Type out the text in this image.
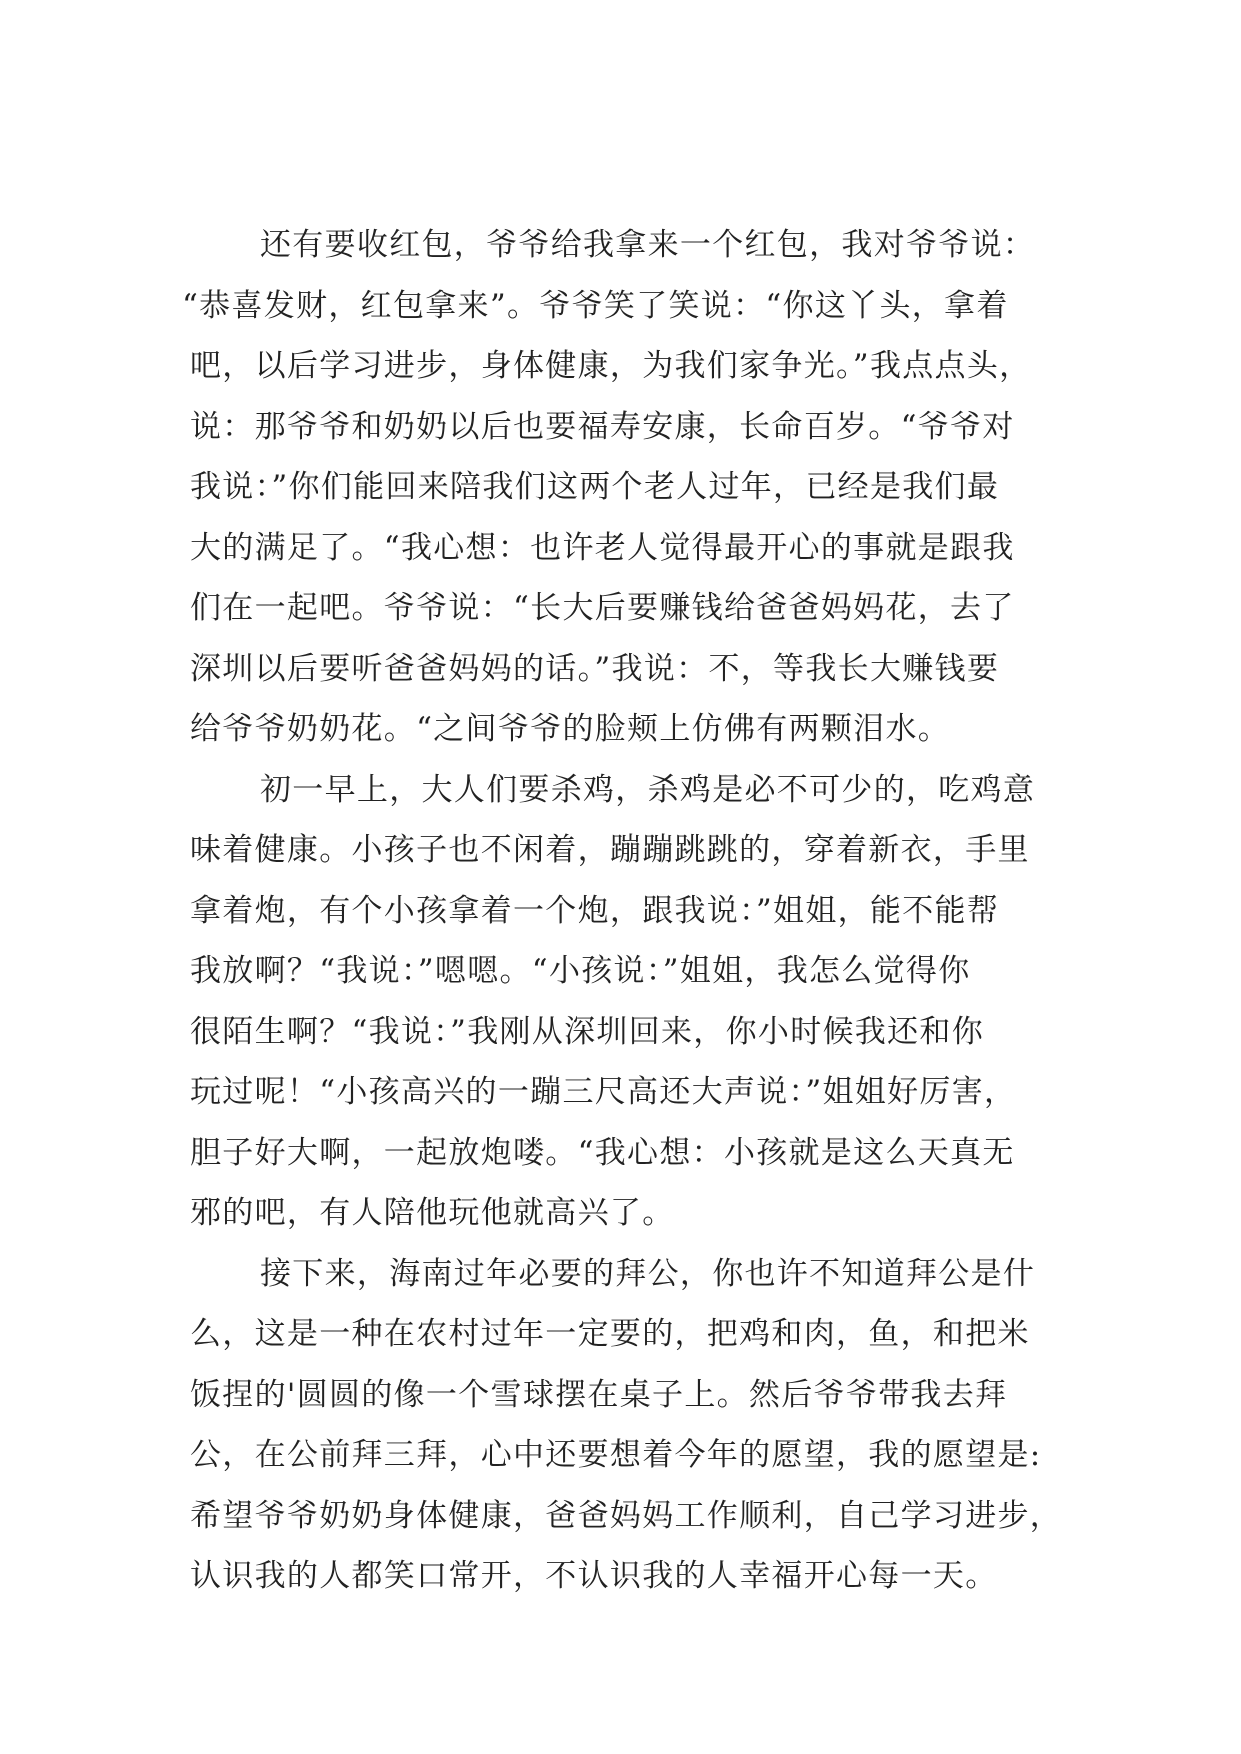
还有要收红包，爷爷给我拿来一个红包，我对爷爷说：
“恭喜发财，红包拿来”。爷爷笑了笑说：“你这丫头，拿着
吧，以后学习进步，身体健康，为我们家争光。”我点点头，
说：那爷爷和奶奶以后也要福寿安康，长命百岁。“爷爷对
我说：”你们能回来陪我们这两个老人过年，已经是我们最
大的满足了。“我心想：也许老人觉得最开心的事就是跟我
们在一起吧。爷爷说：“长大后要赚钱给爸爸妈妈花，去了
深圳以后要听爸爸妈妈的话。”我说：不，等我长大赚钱要
给爷爷奶奶花。“之间爷爷的脸颊上仿佛有两颗泪水。
初一早上，大人们要杀鸡，杀鸡是必不可少的，吃鸡意
味着健康。小孩子也不闲着，蹦蹦跳跳的，穿着新衣，手里
拿着炮，有个小孩拿着一个炮，跟我说：”姐姐，能不能帮
我放啊？“我说：”嗯嗯。“小孩说：”姐姐，我怎么觉得你
很陌生啊？“我说：”我刚从深圳回来，你小时候我还和你
玩过呢！“小孩高兴的一蹦三尺高还大声说：”姐姐好厉害，
胆子好大啊，一起放炮喽。“我心想：小孩就是这么天真无
邪的吧，有人陪他玩他就高兴了。
接下来，海南过年必要的拜公，你也许不知道拜公是什
么，这是一种在农村过年一定要的，把鸡和肉，鱼，和把米
饭捏的'圆圆的像一个雪球摆在桌子上。然后爷爷带我去拜
公，在公前拜三拜，心中还要想着今年的愿望，我的愿望是:
希望爷爷奶奶身体健康，爸爸妈妈工作顺利，自己学习进步，
认识我的人都笑口常开，不认识我的人幸福开心每一天。
